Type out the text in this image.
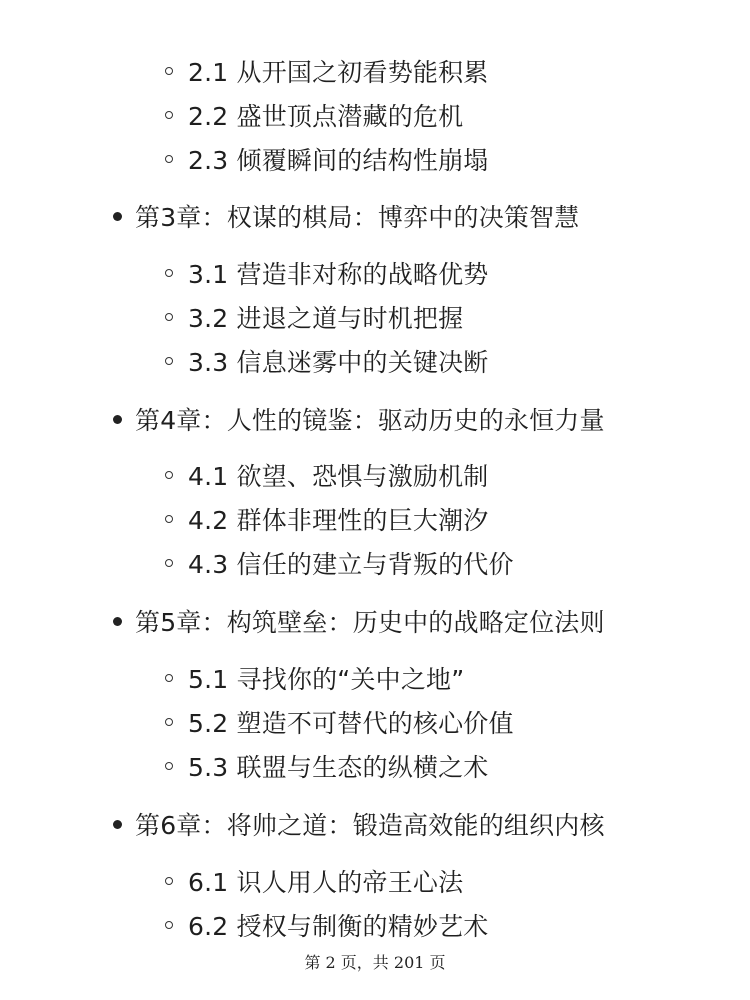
2.1 从开国之初看势能积累
2.2 盛世顶点潜藏的危机
2.3 倾覆瞬间的结构性崩塌
第3章：权谋的棋局：博弈中的决策智慧
3.1 营造非对称的战略优势
3.2 进退之道与时机把握
3.3 信息迷雾中的关键决断
第4章：人性的镜鉴：驱动历史的永恒力量
4.1 欲望、恐惧与激励机制
4.2 群体非理性的巨大潮汐
4.3 信任的建立与背叛的代价
第5章：构筑壁垒：历史中的战略定位法则
5.1 寻找你的“关中之地”
5.2 塑造不可替代的核心价值
5.3 联盟与生态的纵横之术
第6章：将帅之道：锻造高效能的组织内核
6.1 识人用人的帝王心法
6.2 授权与制衡的精妙艺术
第 2 页，共 201 页
